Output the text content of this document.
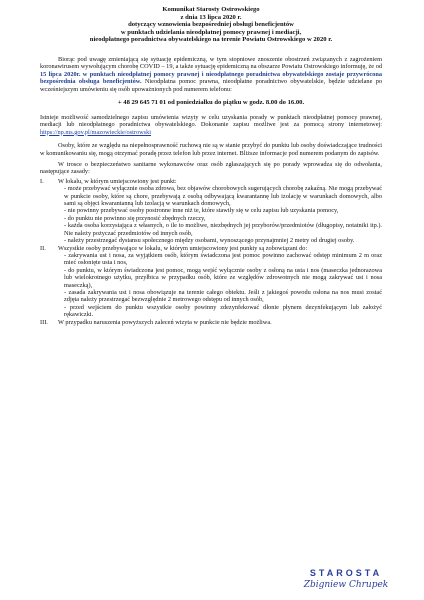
Komunikat Starosty Ostrowskiego
z dnia 13 lipca 2020 r.
dotyczący wznowienia bezpośredniej obsługi beneficjentów
w punktach udzielania nieodpłatnej pomocy prawnej i mediacji,
nieodpłatnego poradnictwa obywatelskiego na terenie Powiatu Ostrowskiego w 2020 r.

Biorąc pod uwagę zmieniającą się sytuację epidemiczną, w tym stopniowe znoszenie obostrzeń związanych z zagrożeniem koronawirusem wywołującym chorobę COVID – 19, a także sytuację epidemiczną na obszarze Powiatu Ostrowskiego informuję, że od 15 lipca 2020r. w punktach nieodpłatnej pomocy prawnej i nieodpłatnego poradnictwa obywatelskiego zostaje przywrócona bezpośrednia obsługa beneficjentów. Nieodpłatna pomoc prawna, nieodpłatne poradnictwo obywatelskie, będzie udzielane po wcześniejszym umówieniu się osób upoważnionych pod numerem telefonu:

+ 48 29 645 71 01 od poniedziałku do piątku w godz. 8.00 do 16.00.

Istnieje możliwość samodzielnego zapisu umówienia wizyty w celu uzyskania porady w punktach nieodpłatnej pomocy prawnej, mediacji lub nieodpłatnego poradnictwa obywatelskiego. Dokonanie zapisu możliwe jest za pomocą strony internetowej: https://np.ms.gov.pl/mazowieckie/ostrowski

Osoby, które ze względu na niepełnosprawność ruchową nie są w stanie przybyć do punktu lub osoby doświadczające trudności w komunikowaniu się, mogą otrzymać poradę przez telefon lub przez internet. Bliższe informacje pod numerem podanym do zapisów.

W trosce o bezpieczeństwo sanitarne wykonawców oraz osób zgłaszających się po porady wprowadza się do odwołania, następujące zasady:

I. W lokalu, w którym umiejscowiony jest punkt:
- może przebywać wyłącznie osoba zdrowa, bez objawów chorobowych sugerujących chorobę zakaźną. Nie mogą przebywać w punkcie osoby, które są chore, przebywają z osobą odbywającą kwarantannę lub izolację w warunkach domowych, albo sami są objęci kwarantanną lub izolacją w warunkach domowych,
- nie powinny przebywać osoby postronne inne niż te, które stawiły się w celu zapisu lub uzyskania pomocy,
- do punktu nie powinno się przynosić zbędnych rzeczy,
- każda osoba korzystająca z własnych, o ile to możliwe, niezbędnych jej przyborów/przedmiotów (długopisy, notatniki itp.). Nie należy pożyczać przedmiotów od innych osób,
- należy przestrzegać dystansu społecznego między osobami, wynoszącego przynajmniej 2 metry od drugiej osoby.
II. Wszystkie osoby przebywające w lokalu, w którym umiejscowiony jest punkty są zobowiązani do:
- zakrywania ust i nosa, za wyjątkiem osób, którym świadczona jest pomoc powinno zachować odstęp minimum 2 m oraz mieć osłonięte usta i nos,
- do punktu, w którym świadczona jest pomoc, mogą wejść wyłącznie osoby z osłoną na usta i nos (maseczka jednorazowa lub wielokrotnego użytku, przyłbica w przypadku osób, które ze względów zdrowotnych nie mogą zakrywać ust i nosa maseczką),
- zasada zakrywania ust i nosa obowiązuje na terenie całego obiektu. Jeśli z jakiegoś powodu osłona na nos musi zostać zdjęta należy przestrzegać bezwzględnie 2 metrowego odstępu od innych osób,
- przed wejściem do punktu wszystkie osoby powinny zdezynfekować dłonie płynem dezynfekującym lub założyć rękawiczki.
III. W przypadku naruszenia powyższych zaleceń wizyta w punkcie nie będzie możliwa.
STAROSTA
Zbigniew Chrupek
